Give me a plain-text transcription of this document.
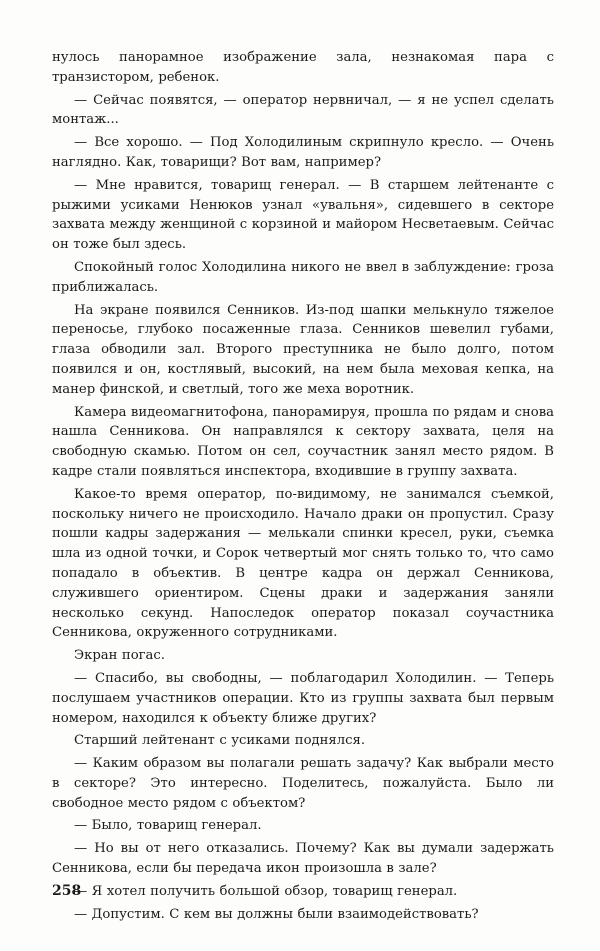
нулось панорамное изображение зала, незнакомая пара с транзистором, ребенок.

— Сейчас появятся, — оператор нервничал, — я не успел сделать монтаж...

— Все хорошо. — Под Холодилиным скрипнуло кресло. — Очень наглядно. Как, товарищи? Вот вам, например?

— Мне нравится, товарищ генерал. — В старшем лейтенанте с рыжими усиками Ненюков узнал «увальня», сидевшего в секторе захвата между женщиной с корзиной и майором Несветаевым. Сейчас он тоже был здесь.

Спокойный голос Холодилина никого не ввел в заблуждение: гроза приближалась.

На экране появился Сенников. Из-под шапки мелькнуло тяжелое переносье, глубоко посаженные глаза. Сенников шевелил губами, глаза обводили зал. Второго преступника не было долго, потом появился и он, костлявый, высокий, на нем была меховая кепка, на манер финской, и светлый, того же меха воротник.

Камера видеомагнитофона, панорамируя, прошла по рядам и снова нашла Сенникова. Он направлялся к сектору захвата, целя на свободную скамью. Потом он сел, соучастник занял место рядом. В кадре стали появляться инспектора, входившие в группу захвата.

Какое-то время оператор, по-видимому, не занимался съемкой, поскольку ничего не происходило. Начало драки он пропустил. Сразу пошли кадры задержания — мелькали спинки кресел, руки, съемка шла из одной точки, и Сорок четвертый мог снять только то, что само попадало в объектив. В центре кадра он держал Сенникова, служившего ориентиром. Сцены драки и задержания заняли несколько секунд. Напоследок оператор показал соучастника Сенникова, окруженного сотрудниками.

Экран погас.

— Спасибо, вы свободны, — поблагодарил Холодилин. — Теперь послушаем участников операции. Кто из группы захвата был первым номером, находился к объекту ближе других?

Старший лейтенант с усиками поднялся.

— Каким образом вы полагали решать задачу? Как выбрали место в секторе? Это интересно. Поделитесь, пожалуйста. Было ли свободное место рядом с объектом?

— Было, товарищ генерал.

— Но вы от него отказались. Почему? Как вы думали задержать Сенникова, если бы передача икон произошла в зале?

— Я хотел получить большой обзор, товарищ генерал.

— Допустим. С кем вы должны были взаимодействовать?

258
